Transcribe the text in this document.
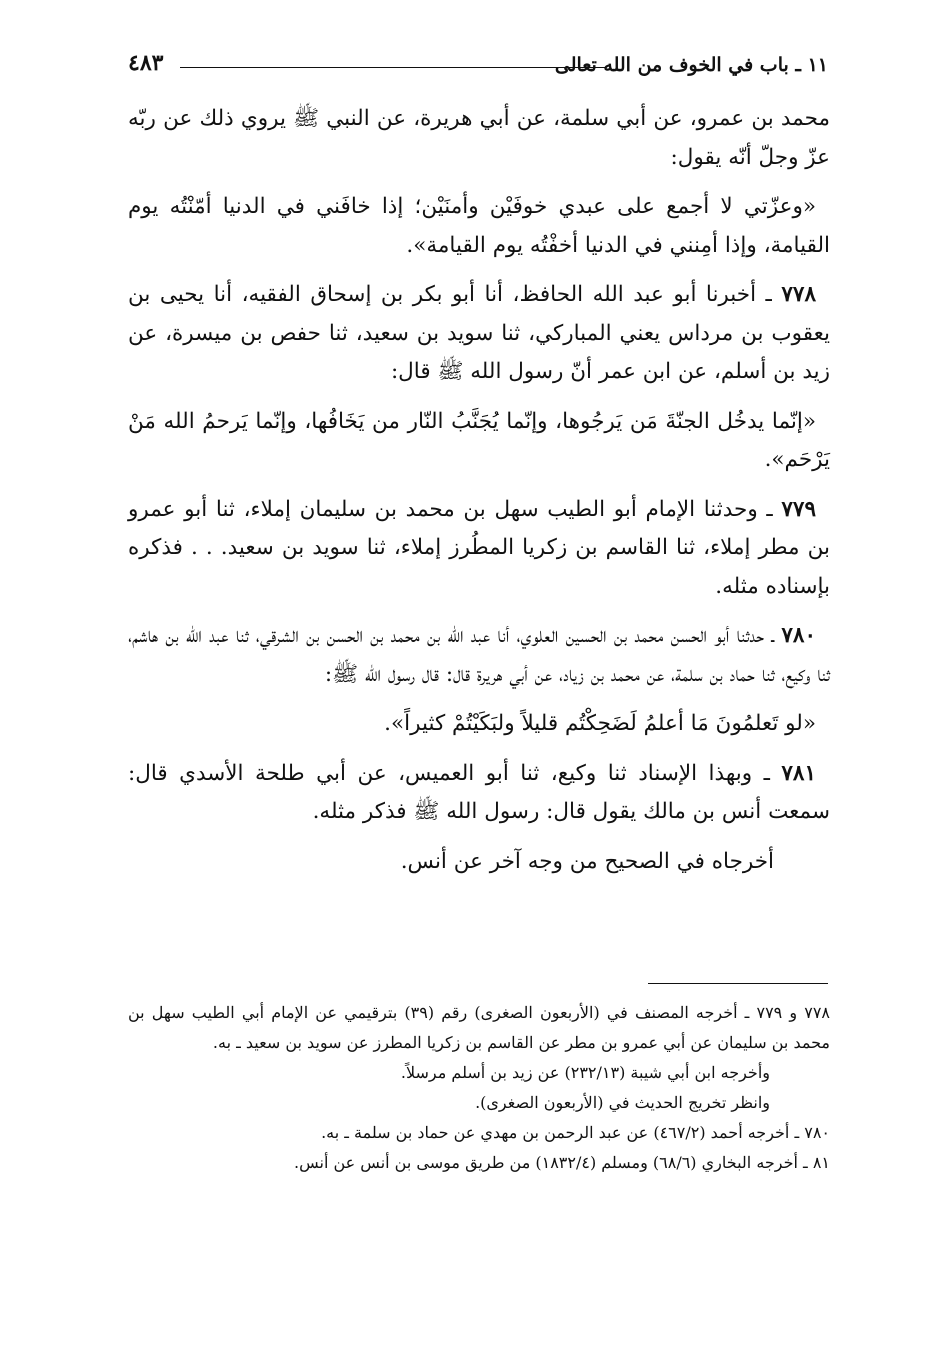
١١ ـ باب في الخوف من الله تعالى
٤٨٣

محمد بن عمرو، عن أبي سلمة، عن أبي هريرة، عن النبي ﷺ يروي ذلك عن ربّه عزّ وجلّ أنّه يقول:

«وعزّتي لا أجمع على عبدي خوفَيْن وأمنَيْن؛ إذا خافَني في الدنيا أمّنْتُه يوم القيامة، وإذا أمِنني في الدنيا أخفْتُه يوم القيامة».

٧٧٨ ـ أخبرنا أبو عبد الله الحافظ، أنا أبو بكر بن إسحاق الفقيه، أنا يحيى بن يعقوب بن مرداس يعني المباركي، ثنا سويد بن سعيد، ثنا حفص بن ميسرة، عن زيد بن أسلم، عن ابن عمر أنّ رسول الله ﷺ قال:

«إنّما يدخُل الجنّةَ مَن يَرجُوها، وإنّما يُجَنَّبُ النّار من يَخَافُها، وإنّما يَرحمُ الله مَنْ يَرْحَم».

٧٧٩ ـ وحدثنا الإمام أبو الطيب سهل بن محمد بن سليمان إملاء، ثنا أبو عمرو بن مطر إملاء، ثنا القاسم بن زكريا المطُرز إملاء، ثنا سويد بن سعيد. . . فذكره بإسناده مثله.

٧٨٠ ـ حدثنا أبو الحسن محمد بن الحسين العلوي، أنا عبد الله بن محمد بن الحسن بن الشرقي، ثنا عبد الله بن هاشم، ثنا وكيع، ثنا حماد بن سلمة، عن محمد بن زياد، عن أبي هريرة قال: قال رسول الله ﷺ:

«لو تَعلمُونَ مَا أعلمُ لَضَحِكْتُم قليلاً ولبَكَيْتُمْ كثيراً».

٧٨١ ـ وبهذا الإسناد ثنا وكيع، ثنا أبو العميس، عن أبي طلحة الأسدي قال: سمعت أنس بن مالك يقول قال: رسول الله ﷺ فذكر مثله.

أخرجاه في الصحيح من وجه آخر عن أنس.

٧٧٨ و ٧٧٩ ـ أخرجه المصنف في (الأربعون الصغرى) رقم (٣٩) بترقيمي عن الإمام أبي الطيب سهل بن محمد بن سليمان عن أبي عمرو بن مطر عن القاسم بن زكريا المطرز عن سويد بن سعيد ـ به.

وأخرجه ابن أبي شيبة (٢٣٢/١٣) عن زيد بن أسلم مرسلاً.

وانظر تخريج الحديث في (الأربعون الصغرى).

٧٨٠ ـ أخرجه أحمد (٤٦٧/٢) عن عبد الرحمن بن مهدي عن حماد بن سلمة ـ به.

٨١ ـ أخرجه البخاري (٦٨/٦) ومسلم (١٨٣٢/٤) من طريق موسى بن أنس عن أنس.
